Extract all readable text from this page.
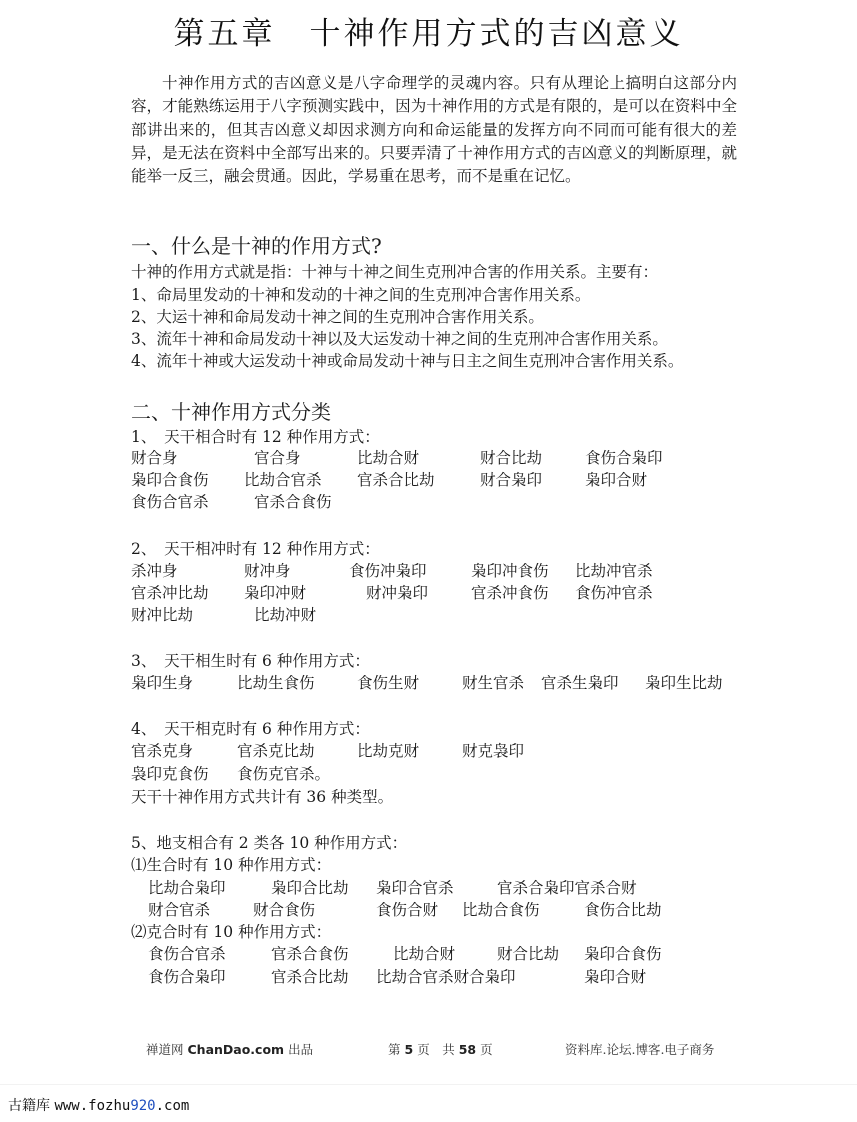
第五章　十神作用方式的吉凶意义

十神作用方式的吉凶意义是八字命理学的灵魂内容。只有从理论上搞明白这部分内容，才能熟练运用于八字预测实践中，因为十神作用的方式是有限的，是可以在资料中全部讲出来的，但其吉凶意义却因求测方向和命运能量的发挥方向不同而可能有很大的差异，是无法在资料中全部写出来的。只要弄清了十神作用方式的吉凶意义的判断原理，就能举一反三，融会贯通。因此，学易重在思考，而不是重在记忆。

一、什么是十神的作用方式?
十神的作用方式就是指：十神与十神之间生克刑冲合害的作用关系。主要有：
1、命局里发动的十神和发动的十神之间的生克刑冲合害作用关系。
2、大运十神和命局发动十神之间的生克刑冲合害作用关系。
3、流年十神和命局发动十神以及大运发动十神之间的生克刑冲合害作用关系。
4、流年十神或大运发动十神或命局发动十神与日主之间生克刑冲合害作用关系。
二、十神作用方式分类
1、　天干相合时有 12 种作用方式：
财合身	官合身	比劫合财	财合比劫	食伤合枭印
枭印合食伤 比劫合官杀 官杀合比劫	财合枭印	枭印合财
食伤合官杀	官杀合食伤
2、　天干相冲时有 12 种作用方式：
杀冲身	财冲身	食伤冲枭印	枭印冲食伤 比劫冲官杀
官杀冲比劫 枭印冲财	财冲枭印	官杀冲食伤 食伤冲官杀
财冲比劫	比劫冲财
3、　天干相生时有 6 种作用方式：
枭印生身	比劫生食伤	食伤生财	财生官杀 官杀生枭印 枭印生比劫
4、　天干相克时有 6 种作用方式：
官杀克身	官杀克比劫	比劫克财	财克袅印
袅印克食伤 食伤克官杀。
天干十神作用方式共计有 36 种类型。
5、地支相合有 2 类各 10 种作用方式：
⑴生合时有 10 种作用方式：
比劫合枭印	枭印合比劫 枭印合官杀	官杀合枭印官杀合财
财合官杀	财合食伤	食伤合财 比劫合食伤	食伤合比劫
⑵克合时有 10 种作用方式：
食伤合官杀	官杀合食伤	比劫合财	财合比劫 枭印合食伤
食伤合枭印	官杀合比劫 比劫合官杀财合枭印	枭印合财
禅道网 ChanDao.com 出品	第 5 页　共 58 页	资料库.论坛.博客.电子商务
古籍库 www.fozhu920.com
